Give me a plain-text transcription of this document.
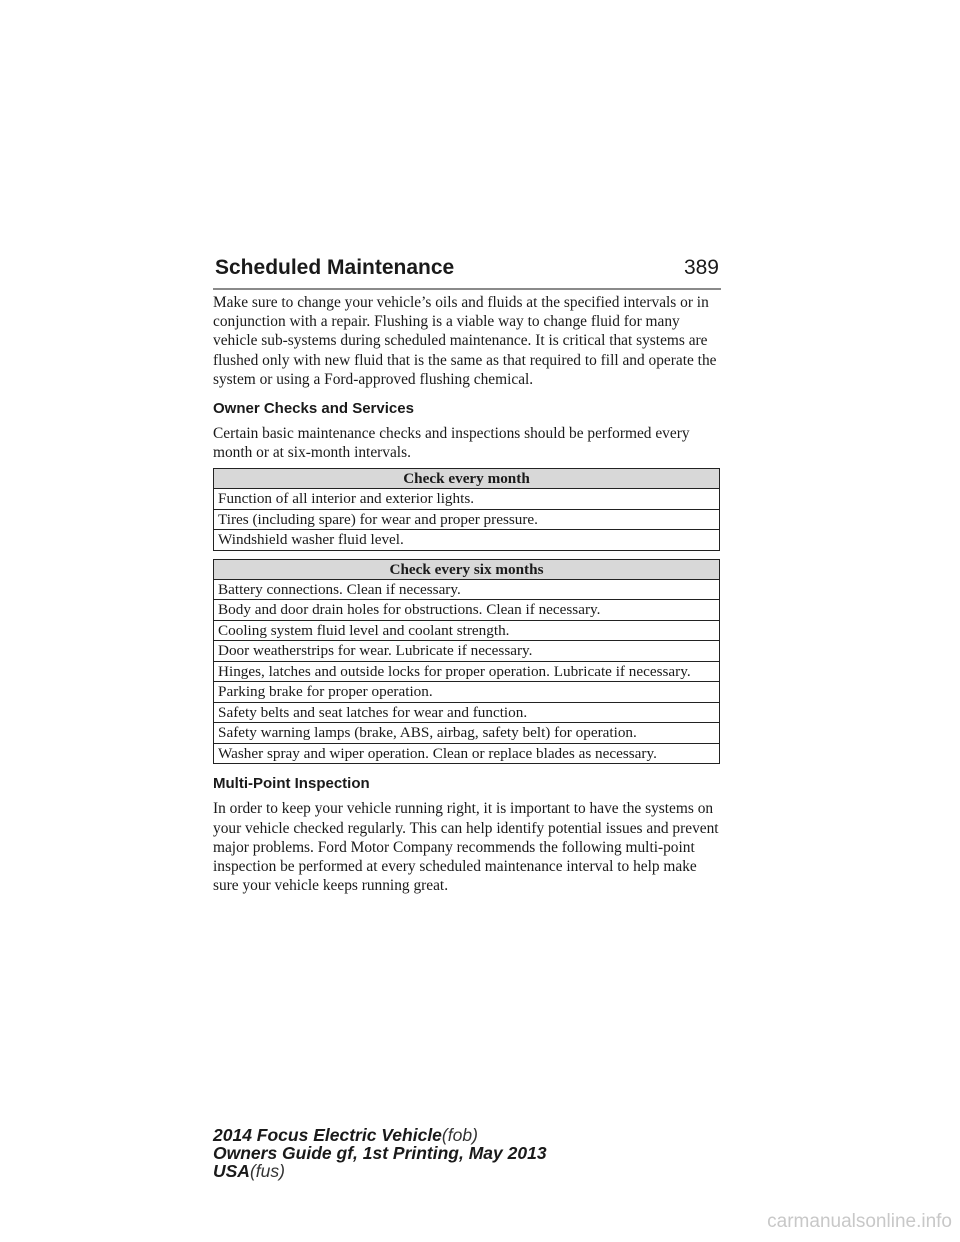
Scheduled Maintenance	389

Make sure to change your vehicle’s oils and fluids at the specified intervals or in conjunction with a repair. Flushing is a viable way to change fluid for many vehicle sub-systems during scheduled maintenance. It is critical that systems are flushed only with new fluid that is the same as that required to fill and operate the system or using a Ford-approved flushing chemical.

Owner Checks and Services

Certain basic maintenance checks and inspections should be performed every month or at six-month intervals.

Check every month
Function of all interior and exterior lights.
Tires (including spare) for wear and proper pressure.
Windshield washer fluid level.
Check every six months
Battery connections. Clean if necessary.
Body and door drain holes for obstructions. Clean if necessary.
Cooling system fluid level and coolant strength.
Door weatherstrips for wear. Lubricate if necessary.
Hinges, latches and outside locks for proper operation. Lubricate if necessary.
Parking brake for proper operation.
Safety belts and seat latches for wear and function.
Safety warning lamps (brake, ABS, airbag, safety belt) for operation.
Washer spray and wiper operation. Clean or replace blades as necessary.
Multi-Point Inspection

In order to keep your vehicle running right, it is important to have the systems on your vehicle checked regularly. This can help identify potential issues and prevent major problems. Ford Motor Company recommends the following multi-point inspection be performed at every scheduled maintenance interval to help make sure your vehicle keeps running great.

2014 Focus Electric Vehicle(fob)
Owners Guide gf, 1st Printing, May 2013
USA(fus)
carmanualsonline.info
